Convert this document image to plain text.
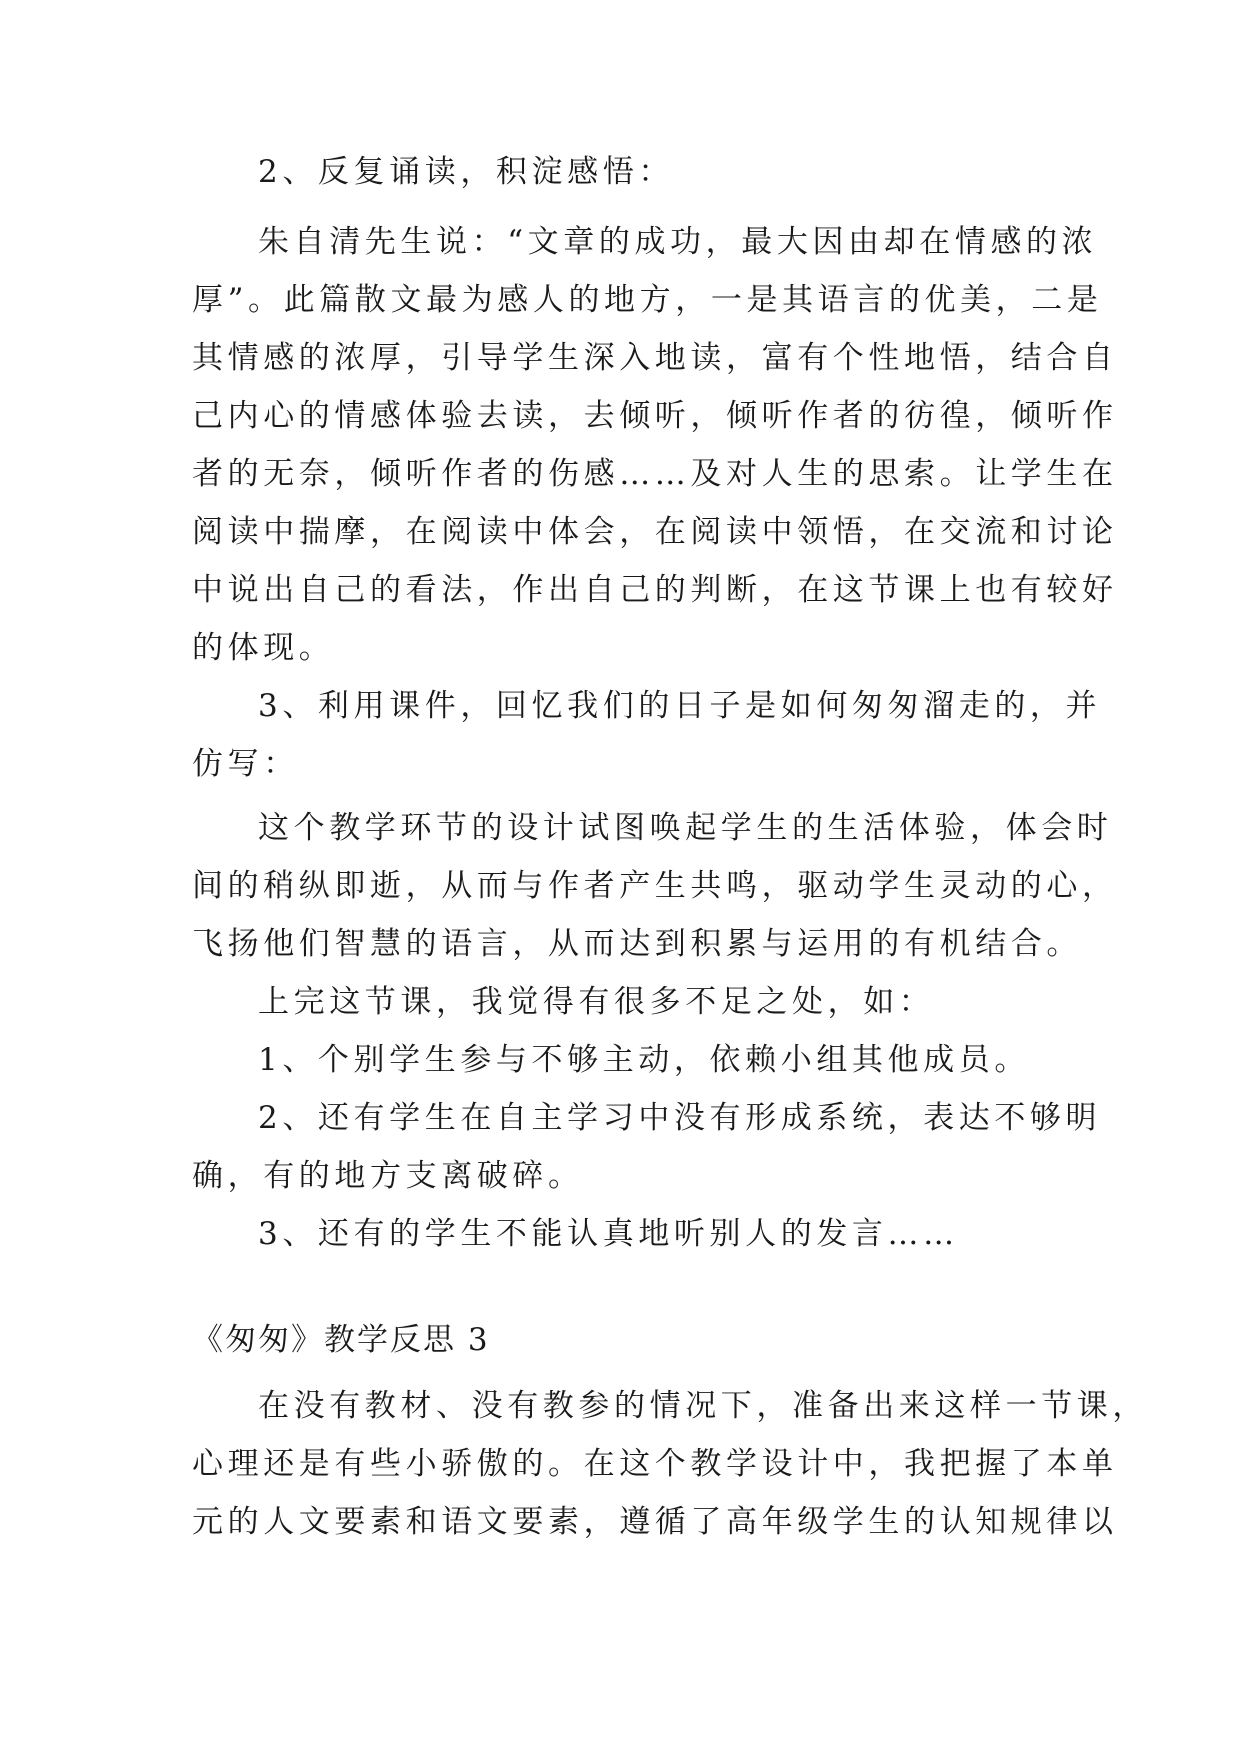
2、反复诵读，积淀感悟：
朱自清先生说：“文章的成功，最大因由却在情感的浓
厚”。此篇散文最为感人的地方，一是其语言的优美，二是
其情感的浓厚，引导学生深入地读，富有个性地悟，结合自
己内心的情感体验去读，去倾听，倾听作者的彷徨，倾听作
者的无奈，倾听作者的伤感……及对人生的思索。让学生在
阅读中揣摩，在阅读中体会，在阅读中领悟，在交流和讨论
中说出自己的看法，作出自己的判断，在这节课上也有较好
的体现。
3、利用课件，回忆我们的日子是如何匆匆溜走的，并
仿写：
这个教学环节的设计试图唤起学生的生活体验，体会时
间的稍纵即逝，从而与作者产生共鸣，驱动学生灵动的心，
飞扬他们智慧的语言，从而达到积累与运用的有机结合。
上完这节课，我觉得有很多不足之处，如：
1、个别学生参与不够主动，依赖小组其他成员。
2、还有学生在自主学习中没有形成系统，表达不够明
确，有的地方支离破碎。
3、还有的学生不能认真地听别人的发言……
《匆匆》教学反思 3
在没有教材、没有教参的情况下，准备出来这样一节课，
心理还是有些小骄傲的。在这个教学设计中，我把握了本单
元的人文要素和语文要素，遵循了高年级学生的认知规律以
